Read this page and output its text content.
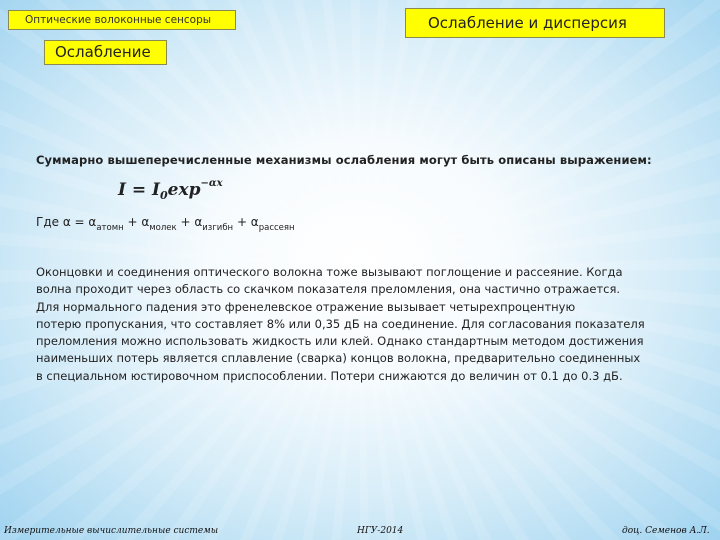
Оптические волоконные сенсоры	Ослабление и дисперсия
Ослабление
Суммарно вышеперечисленные механизмы ослабления могут быть описаны выражением:
$I = I_0\exp^{-\alpha x}$
Где $\alpha = \alpha_{атомн} + \alpha_{молек} + \alpha_{изгибн} + \alpha_{рассеян}$

Оконцовки и соединения оптического волокна тоже вызывают поглощение и рассеяние. Когда
волна проходит через область со скачком показателя преломления, она частично отражается.
Для нормального падения это френелевское отражение вызывает четырехпроцентную
потерю пропускания, что составляет 8% или 0,35 дБ на соединение. Для согласования показателя
преломления можно использовать жидкость или клей. Однако стандартным методом достижения
наименьших потерь является сплавление (сварка) концов волокна, предварительно соединенных
в специальном юстировочном приспособлении. Потери снижаются до величин от 0.1 до 0.3 дБ.

Измерительные вычислительные системы	НГУ-2014	доц. Семенов А.Л.
